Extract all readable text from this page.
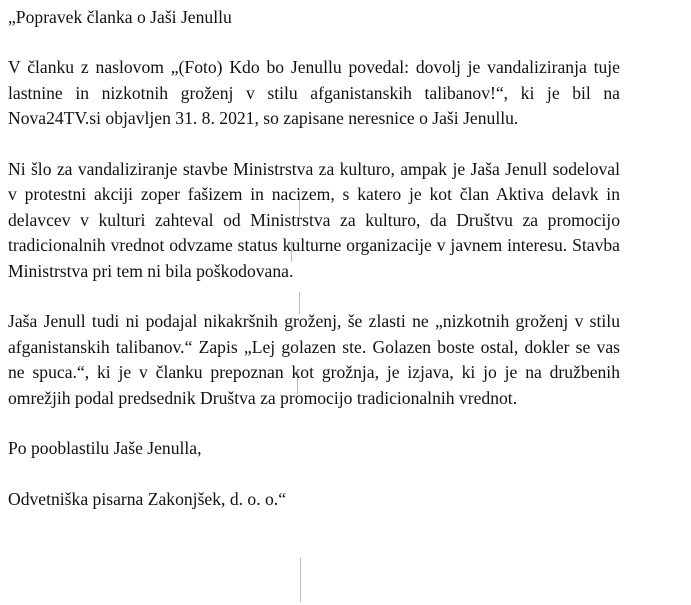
„Popravek članka o Jaši Jenullu

V članku z naslovom „(Foto) Kdo bo Jenullu povedal: dovolj je vandaliziranja tuje lastnine in nizkotnih groženj v stilu afganistanskih talibanov!“, ki je bil na Nova24TV.si objavljen 31. 8. 2021, so zapisane neresnice o Jaši Jenullu.

Ni šlo za vandaliziranje stavbe Ministrstva za kulturo, ampak je Jaša Jenull sodeloval v protestni akciji zoper fašizem in nacizem, s katero je kot član Aktiva delavk in delavcev v kulturi zahteval od Ministrstva za kulturo, da Društvu za promocijo tradicionalnih vrednot odvzame status kulturne organizacije v javnem interesu. Stavba Ministrstva pri tem ni bila poškodovana.

Jaša Jenull tudi ni podajal nikakršnih groženj, še zlasti ne „nizkotnih groženj v stilu afganistanskih talibanov.“ Zapis „Lej golazen ste. Golazen boste ostal, dokler se vas ne spuca.“, ki je v članku prepoznan kot grožnja, je izjava, ki jo je na družbenih omrežjih podal predsednik Društva za promocijo tradicionalnih vrednot.

Po pooblastilu Jaše Jenulla,

Odvetniška pisarna Zakonjšek, d. o. o.“
